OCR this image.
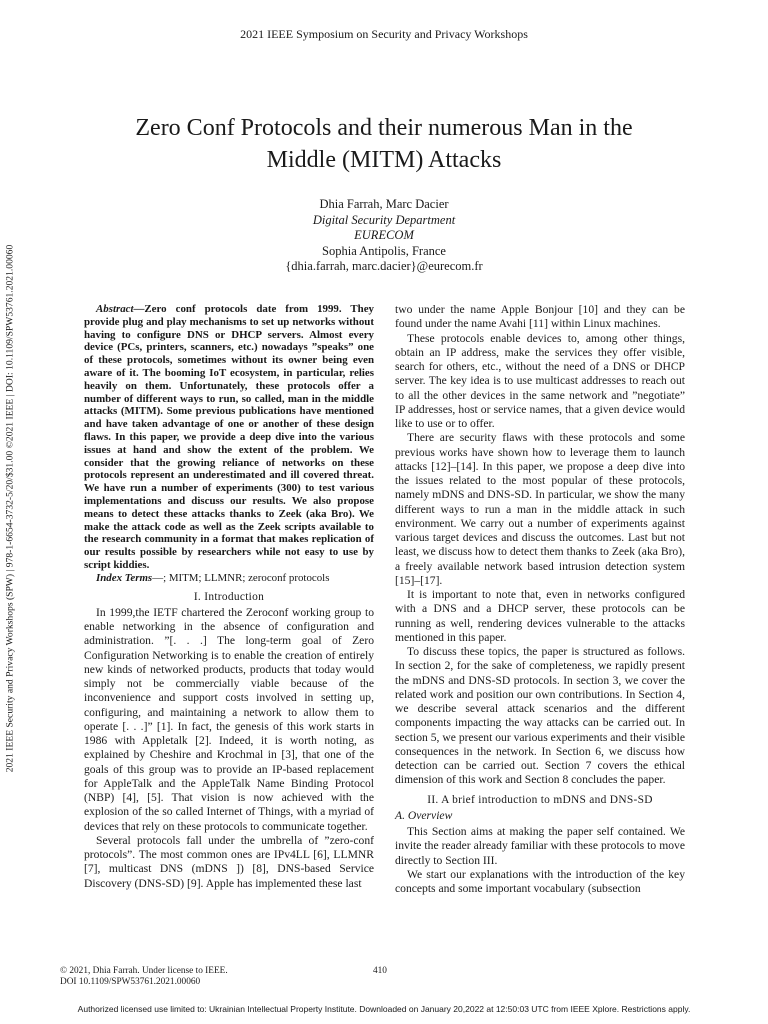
2021 IEEE Symposium on Security and Privacy Workshops
Zero Conf Protocols and their numerous Man in the
Middle (MITM) Attacks
Dhia Farrah, Marc Dacier
Digital Security Department
EURECOM
Sophia Antipolis, France
{dhia.farrah, marc.dacier}@eurecom.fr
2021 IEEE Security and Privacy Workshops (SPW) | 978-1-6654-3732-5/20/$31.00 ©2021 IEEE | DOI: 10.1109/SPW53761.2021.00060	Abstract—Zero conf protocols date from 1999. They provide plug and play mechanisms to set up networks without having to configure DNS or DHCP servers. Almost every device (PCs, printers, scanners, etc.) nowadays ”speaks” one of these protocols, sometimes without its owner being even aware of it. The booming IoT ecosystem, in particular, relies heavily on them. Unfortunately, these protocols offer a number of different ways to run, so called, man in the middle attacks (MITM). Some previous publications have mentioned and have taken advantage of one or another of these design flaws. In this paper, we provide a deep dive into the various issues at hand and show the extent of the problem. We consider that the growing reliance of networks on these protocols represent an underestimated and ill covered threat. We have run a number of experiments (300) to test various implementations and discuss our results. We also propose means to detect these attacks thanks to Zeek (aka Bro). We make the attack code as well as the Zeek scripts available to the research community in a format that makes replication of our results possible by researchers while not easy to use by script kiddies.

Index Terms—; MITM; LLMNR; zeroconf protocols

I. Introduction

In 1999,the IETF chartered the Zeroconf working group to enable networking in the absence of configuration and administration. ”[. . .] The long-term goal of Zero Configuration Networking is to enable the creation of entirely new kinds of networked products, products that today would simply not be commercially viable because of the inconvenience and support costs involved in setting up, configuring, and maintaining a network to allow them to operate [. . .]” [1]. In fact, the genesis of this work starts in 1986 with Appletalk [2]. Indeed, it is worth noting, as explained by Cheshire and Krochmal in [3], that one of the goals of this group was to provide an IP-based replacement for AppleTalk and the AppleTalk Name Binding Protocol (NBP) [4], [5]. That vision is now achieved with the explosion of the so called Internet of Things, with a myriad of devices that rely on these protocols to communicate together.

Several protocols fall under the umbrella of ”zero-conf protocols”. The most common ones are IPv4LL [6], LLMNR [7], multicast DNS (mDNS ]) [8], DNS-based Service Discovery (DNS-SD) [9]. Apple has implemented these last

two under the name Apple Bonjour [10] and they can be found under the name Avahi [11] within Linux machines.

These protocols enable devices to, among other things, obtain an IP address, make the services they offer visible, search for others, etc., without the need of a DNS or DHCP server. The key idea is to use multicast addresses to reach out to all the other devices in the same network and ”negotiate” IP addresses, host or service names, that a given device would like to use or to offer.

There are security flaws with these protocols and some previous works have shown how to leverage them to launch attacks [12]–[14]. In this paper, we propose a deep dive into the issues related to the most popular of these protocols, namely mDNS and DNS-SD. In particular, we show the many different ways to run a man in the middle attack in such environment. We carry out a number of experiments against various target devices and discuss the outcomes. Last but not least, we discuss how to detect them thanks to Zeek (aka Bro), a freely available network based intrusion detection system [15]–[17].

It is important to note that, even in networks configured with a DNS and a DHCP server, these protocols can be running as well, rendering devices vulnerable to the attacks mentioned in this paper.

To discuss these topics, the paper is structured as follows. In section 2, for the sake of completeness, we rapidly present the mDNS and DNS-SD protocols. In section 3, we cover the related work and position our own contributions. In Section 4, we describe several attack scenarios and the different components impacting the way attacks can be carried out. In section 5, we present our various experiments and their visible consequences in the network. In Section 6, we discuss how detection can be carried out. Section 7 covers the ethical dimension of this work and Section 8 concludes the paper.

II. A brief introduction to mDNS and DNS-SD
A. Overview

This Section aims at making the paper self contained. We invite the reader already familiar with these protocols to move directly to Section III.

We start our explanations with the introduction of the key concepts and some important vocabulary (subsection

© 2021, Dhia Farrah. Under license to IEEE.
DOI 10.1109/SPW53761.2021.00060
410
Authorized licensed use limited to: Ukrainian Intellectual Property Institute. Downloaded on January 20,2022 at 12:50:03 UTC from IEEE Xplore. Restrictions apply.
